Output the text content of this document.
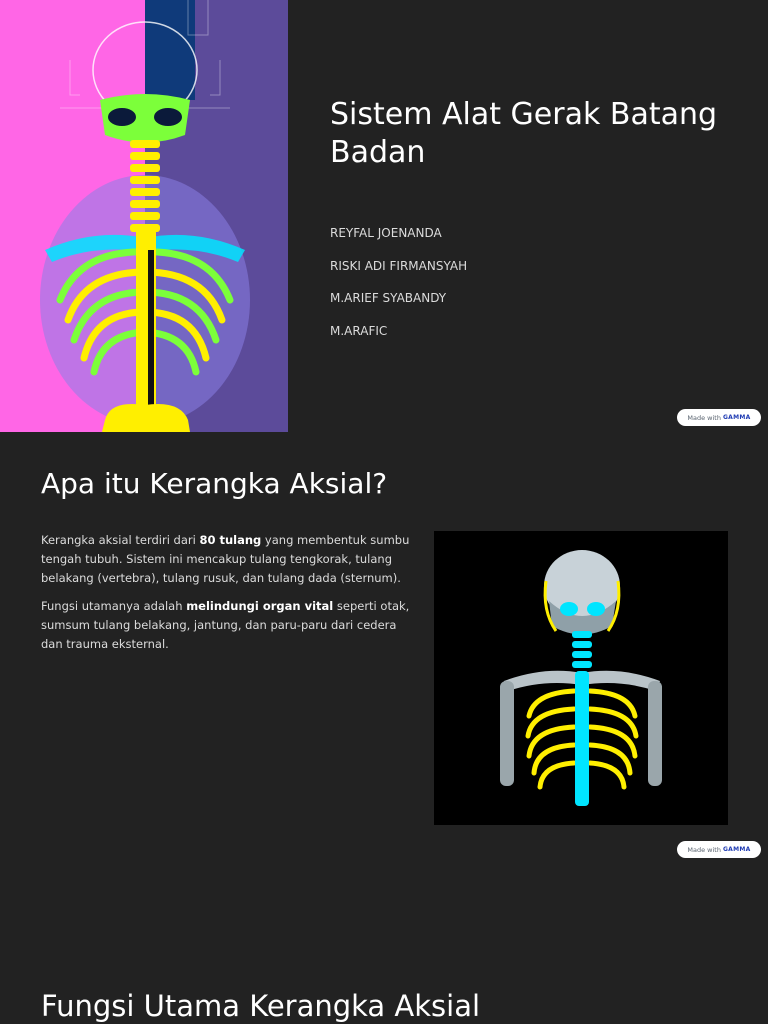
Sistem Alat Gerak Batang Badan
REYFAL JOENANDA
RISKI ADI FIRMANSYAH
M.ARIEF SYABANDY
M.ARAFIC
Made with GAMMA
Apa itu Kerangka Aksial?

Kerangka aksial terdiri dari 80 tulang yang membentuk sumbu tengah tubuh. Sistem ini mencakup tulang tengkorak, tulang belakang (vertebra), tulang rusuk, dan tulang dada (sternum).

Fungsi utamanya adalah melindungi organ vital seperti otak, sumsum tulang belakang, jantung, dan paru-paru dari cedera dan trauma eksternal.

Made with GAMMA
Fungsi Utama Kerangka Aksial
